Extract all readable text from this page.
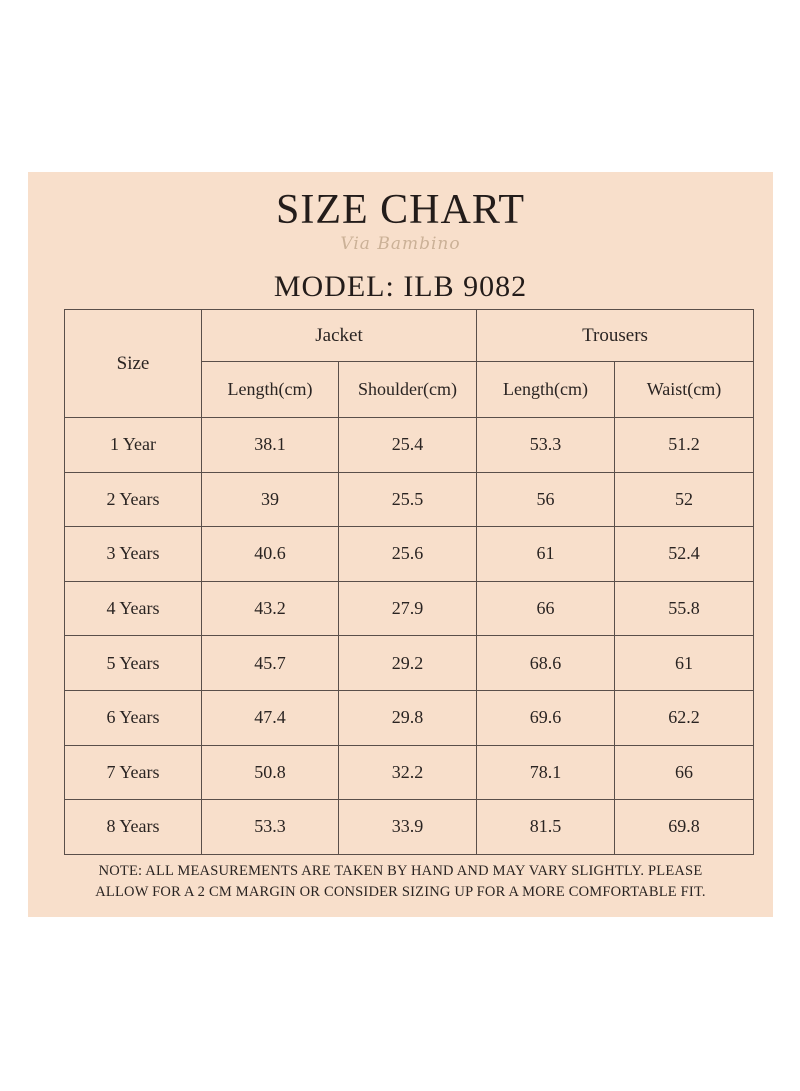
SIZE CHART
Via Bambino
MODEL: ILB 9082
Size	Jacket		Trousers	
	Length(cm)	Shoulder(cm)	Length(cm)	Waist(cm)
1 Year	38.1	25.4	53.3	51.2
2 Years	39	25.5	56	52
3 Years	40.6	25.6	61	52.4
4 Years	43.2	27.9	66	55.8
5 Years	45.7	29.2	68.6	61
6 Years	47.4	29.8	69.6	62.2
7 Years	50.8	32.2	78.1	66
8 Years	53.3	33.9	81.5	69.8
NOTE: ALL MEASUREMENTS ARE TAKEN BY HAND AND MAY VARY SLIGHTLY. PLEASE
ALLOW FOR A 2 CM MARGIN OR CONSIDER SIZING UP FOR A MORE COMFORTABLE FIT.
